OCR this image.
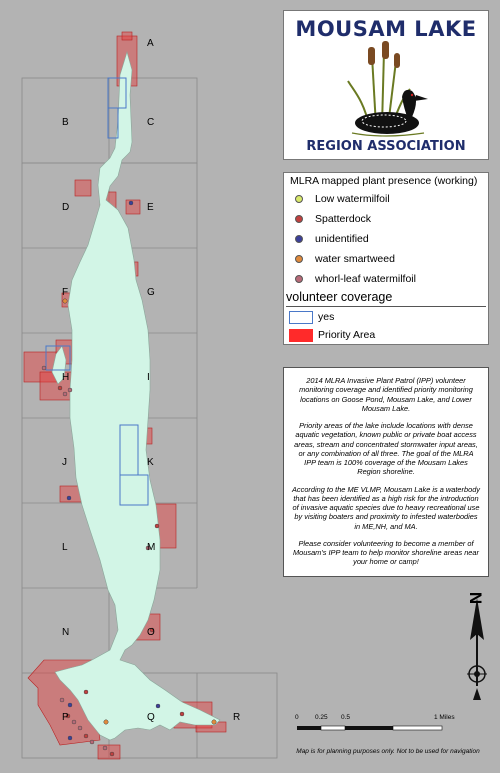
A
B	C
D	E
F	G
H	I
J	K
L	M
N	O
P	Q	R
MOUSAM LAKE
REGION ASSOCIATION
MLRA mapped plant presence (working)
Low watermilfoil
Spatterdock
unidentified
water smartweed
whorl-leaf watermilfoil
volunteer coverage
yes
Priority Area

2014 MLRA Invasive Plant Patrol (IPP) volunteer monitoring coverage and identified priority monitoring locations on Goose Pond, Mousam Lake, and Lower Mousam Lake.

Priority areas of the lake include locations with dense aquatic vegetation, known public or private boat access areas, stream and concentrated stormwater input areas, or any combination of all three. The goal of the MLRA IPP team is 100% coverage of the Mousam Lakes Region shoreline.

According to the ME VLMP, Mousam Lake is a waterbody that has been identified as a high risk for the introduction of invasive aquatic species due to heavy recreational use by visiting boaters and proximity to infested waterbodies in ME,NH, and MA.

Please consider volunteering to become a member of Mousam's IPP team to help monitor shoreline areas near your home or camp!

N
0	0.25 0.5	1 Miles
Map is for planning purposes only. Not to be used for navigation
